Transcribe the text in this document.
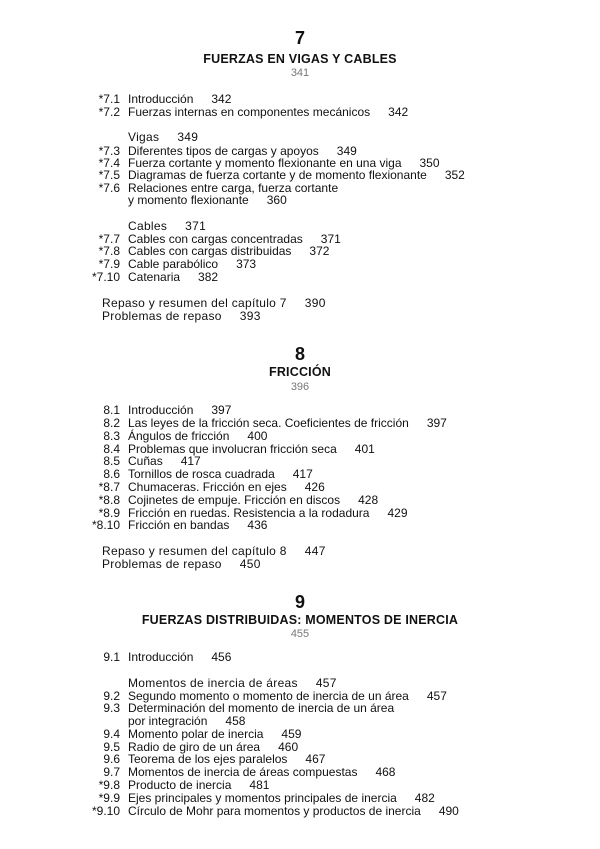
7
FUERZAS EN VIGAS Y CABLES
341
*7.1 Introducción 342
*7.2 Fuerzas internas en componentes mecánicos 342
Vigas 349
*7.3 Diferentes tipos de cargas y apoyos 349
*7.4 Fuerza cortante y momento flexionante en una viga 350
*7.5 Diagramas de fuerza cortante y de momento flexionante 352
*7.6 Relaciones entre carga, fuerza cortante
y momento flexionante 360
Cables 371
*7.7 Cables con cargas concentradas 371
*7.8 Cables con cargas distribuidas 372
*7.9 Cable parabólico 373
*7.10 Catenaria 382
Repaso y resumen del capítulo 7 390
Problemas de repaso 393
8
FRICCIÓN
396
8.1 Introducción 397
8.2 Las leyes de la fricción seca. Coeficientes de fricción 397
8.3 Ángulos de fricción 400
8.4 Problemas que involucran fricción seca 401
8.5 Cuñas 417
8.6 Tornillos de rosca cuadrada 417
*8.7 Chumaceras. Fricción en ejes 426
*8.8 Cojinetes de empuje. Fricción en discos 428
*8.9 Fricción en ruedas. Resistencia a la rodadura 429
*8.10 Fricción en bandas 436
Repaso y resumen del capítulo 8 447
Problemas de repaso 450
9
FUERZAS DISTRIBUIDAS: MOMENTOS DE INERCIA
455
9.1 Introducción 456
Momentos de inercia de áreas 457
9.2 Segundo momento o momento de inercia de un área 457
9.3 Determinación del momento de inercia de un área
por integración 458
9.4 Momento polar de inercia 459
9.5 Radio de giro de un área 460
9.6 Teorema de los ejes paralelos 467
9.7 Momentos de inercia de áreas compuestas 468
*9.8 Producto de inercia 481
*9.9 Ejes principales y momentos principales de inercia 482
*9.10 Círculo de Mohr para momentos y productos de inercia 490
